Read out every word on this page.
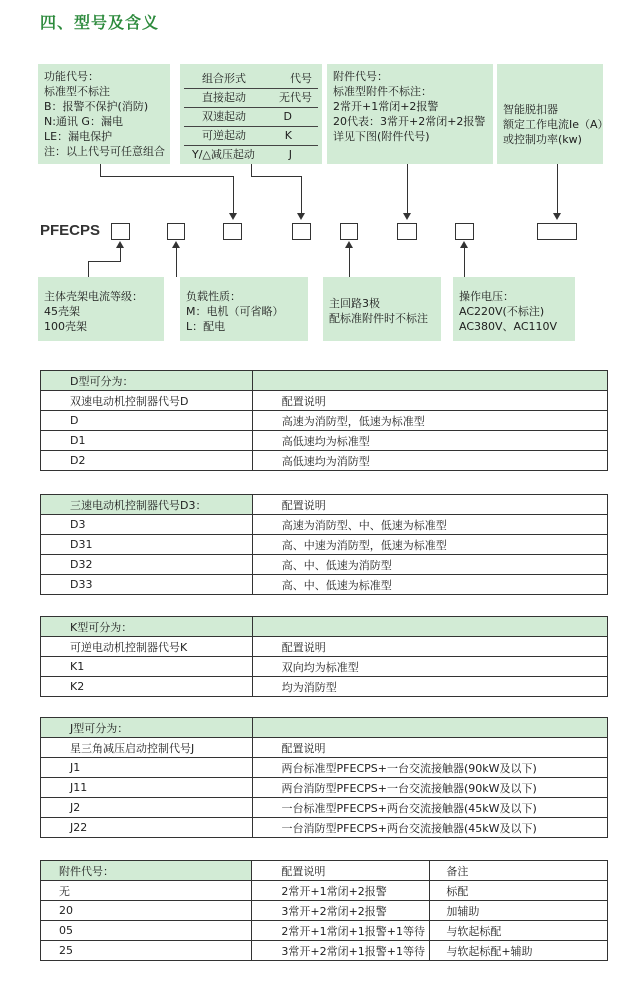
四、型号及含义
功能代号：
标准型不标注
B：报警不保护(消防)
N:通讯 G：漏电
LE：漏电保护
注：以上代号可任意组合
组合形式	代号
直接起动	无代号
双速起动	D
可逆起动	K
Y/△减压起动	J
附件代号：
标准型附件不标注：
2常开+1常闭+2报警
20代表：3常开+2常闭+2报警
详见下图(附件代号)
智能脱扣器
额定工作电流Ie（A）
或控制功率(kw)
PFECPS
主体壳架电流等级：
45壳架
100壳架
负载性质：
M：电机（可省略）
L：配电
主回路3极
配标准附件时不标注
操作电压：
AC220V(不标注)
AC380V、AC110V
D型可分为：	
双速电动机控制器代号D	配置说明
D	高速为消防型，低速为标准型
D1	高低速均为标准型
D2	高低速均为消防型
三速电动机控制器代号D3：	配置说明
D3	高速为消防型、中、低速为标准型
D31	高、中速为消防型，低速为标准型
D32	高、中、低速为消防型
D33	高、中、低速为标准型
K型可分为：	
可逆电动机控制器代号K	配置说明
K1	双向均为标准型
K2	均为消防型
J型可分为：	
星三角减压启动控制代号J	配置说明
J1	两台标准型PFECPS+一台交流接触器(90kW及以下)
J11	两台消防型PFECPS+一台交流接触器(90kW及以下)
J2	一台标准型PFECPS+两台交流接触器(45kW及以下)
J22	一台消防型PFECPS+两台交流接触器(45kW及以下)
附件代号：	配置说明	备注
无	2常开+1常闭+2报警	标配
20	3常开+2常闭+2报警	加辅助
05	2常开+1常闭+1报警+1等待	与软起标配
25	3常开+2常闭+1报警+1等待	与软起标配+辅助
